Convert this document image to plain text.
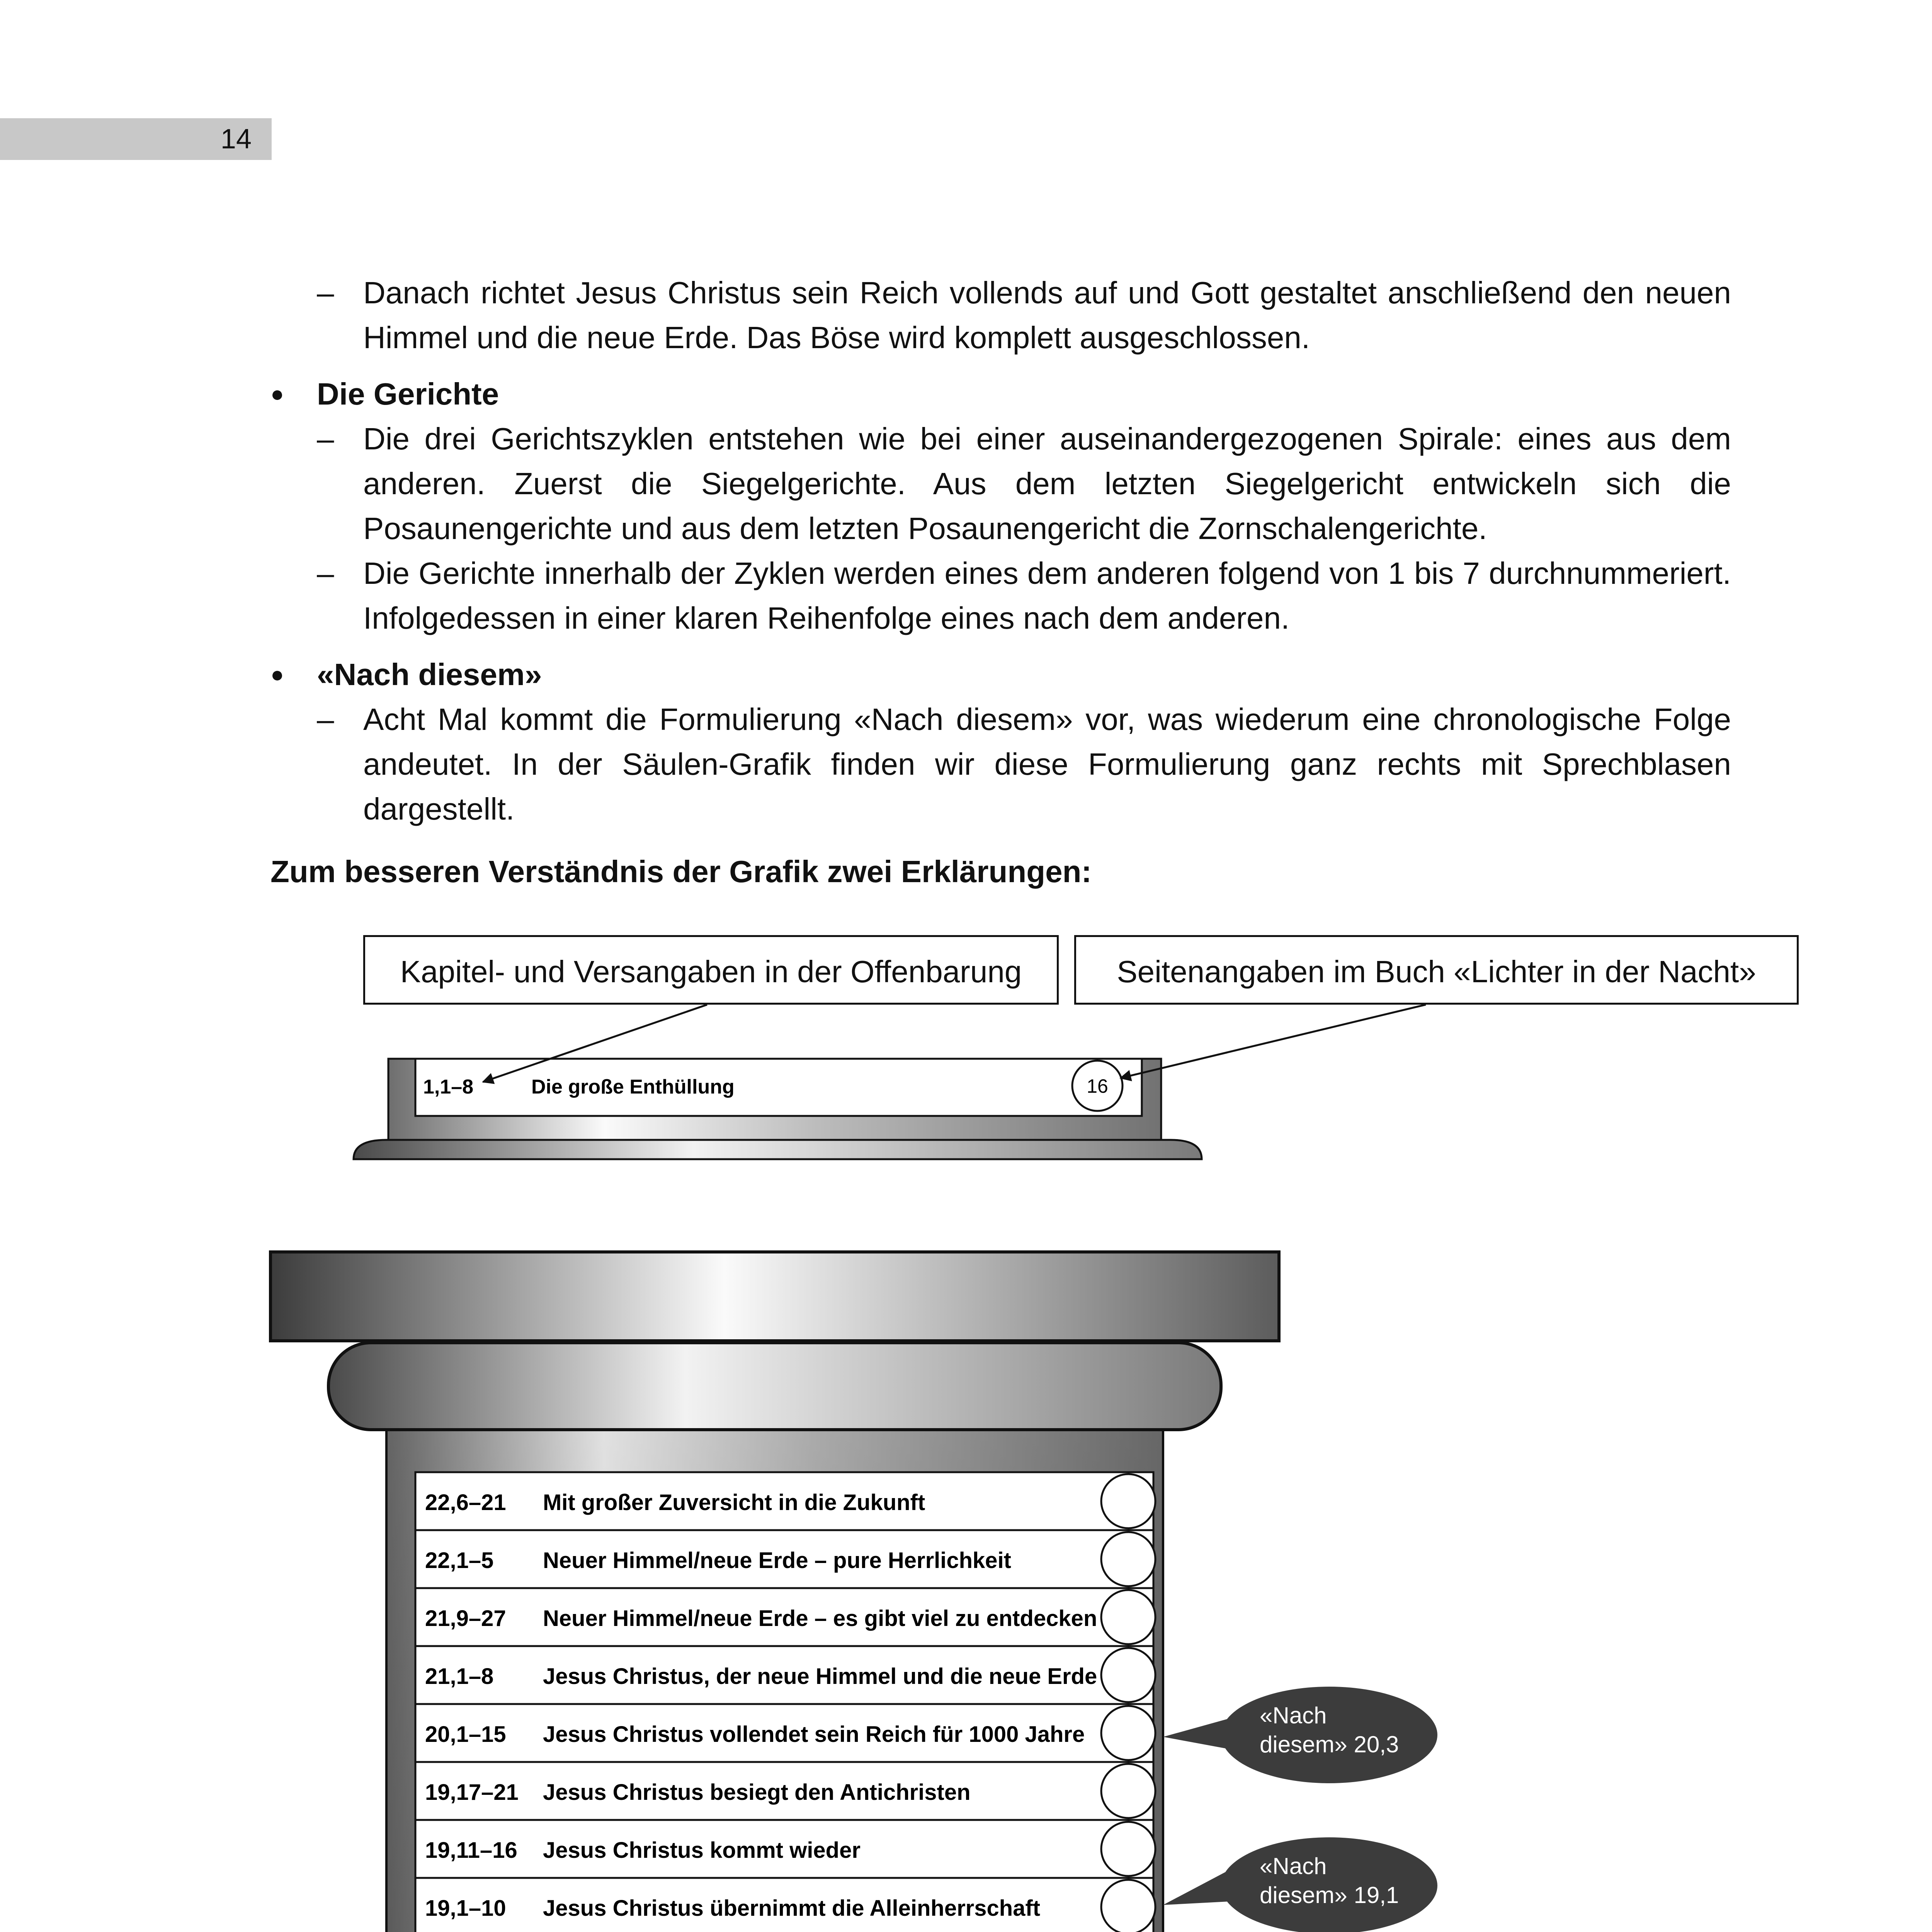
14
– Danach richtet Jesus Christus sein Reich vollends auf und Gott gestaltet anschließend den neuen Himmel und die neue Erde. Das Böse wird komplett ausgeschlossen.
● Die Gerichte
– Die drei Gerichtszyklen entstehen wie bei einer auseinandergezogenen Spirale: eines aus dem anderen. Zuerst die Siegelgerichte. Aus dem letzten Siegelgericht entwickeln sich die Posaunengerichte und aus dem letzten Posaunengericht die Zornschalengerichte.
– Die Gerichte innerhalb der Zyklen werden eines dem anderen folgend von 1 bis 7 durchnummeriert. Infolgedessen in einer klaren Reihenfolge eines nach dem anderen.
● «Nach diesem»
– Acht Mal kommt die Formulierung «Nach diesem» vor, was wiederum eine chronologische Folge andeutet. In der Säulen-Grafik finden wir diese Formulierung ganz rechts mit Sprechblasen dargestellt.
Zum besseren Verständnis der Grafik zwei Erklärungen:
Kapitel- und Versangaben in der Offenbarung	Seitenangaben im Buch «Lichter in der Nacht»
1,1–8	Die große Enthüllung	16
22,6–21 Mit großer Zuversicht in die Zukunft
22,1–5 Neuer Himmel/neue Erde – pure Herrlichkeit
21,9–27 Neuer Himmel/neue Erde – es gibt viel zu entdecken
21,1–8 Jesus Christus, der neue Himmel und die neue Erde
20,1–15 Jesus Christus vollendet sein Reich für 1000 Jahre
19,17–21 Jesus Christus besiegt den Antichristen
19,11–16 Jesus Christus kommt wieder
19,1–10 Jesus Christus übernimmt die Alleinherrschaft
«Nach
diesem» 20,3
«Nach
diesem» 19,1
